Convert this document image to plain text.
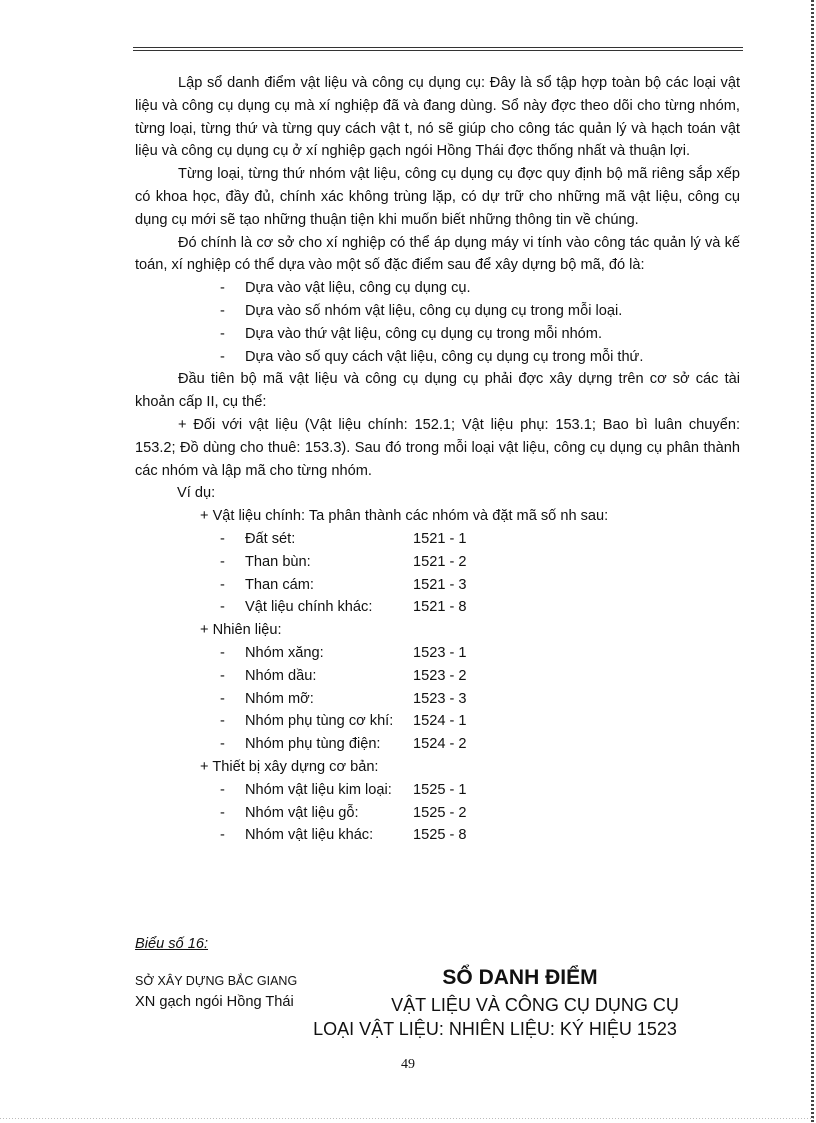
Lập sổ danh điểm vật liệu và công cụ dụng cụ: Đây là sổ tập hợp toàn bộ các loại vật liệu và công cụ dụng cụ mà xí nghiệp đã và đang dùng. Sổ này đợc theo dõi cho từng nhóm, từng loại, từng thứ và từng quy cách vật t, nó sẽ giúp cho công tác quản lý và hạch toán vật liệu và công cụ dụng cụ ở xí nghiệp gạch ngói Hồng Thái đợc thống nhất và thuận lợi.

Từng loại, từng thứ nhóm vật liệu, công cụ dụng cụ đợc quy định bộ mã riêng sắp xếp có khoa học, đầy đủ, chính xác không trùng lặp, có dự trữ cho những mã vật liệu, công cụ dụng cụ mới sẽ tạo những thuận tiện khi muốn biết những thông tin về chúng.

Đó chính là cơ sở cho xí nghiệp có thể áp dụng máy vi tính vào công tác quản lý và kế toán, xí nghiệp có thể dựa vào một số đặc điểm sau để xây dựng bộ mã, đó là:

-	Dựa vào vật liệu, công cụ dụng cụ.
-	Dựa vào số nhóm vật liệu, công cụ dụng cụ trong mỗi loại.
-	Dựa vào thứ vật liệu, công cụ dụng cụ trong mỗi nhóm.
-	Dựa vào số quy cách vật liệu, công cụ dụng cụ trong mỗi thứ.

Đầu tiên bộ mã vật liệu và công cụ dụng cụ phải đợc xây dựng trên cơ sở các tài khoản cấp II, cụ thể:

+ Đối với vật liệu (Vật liệu chính: 152.1; Vật liệu phụ: 153.1; Bao bì luân chuyển: 153.2; Đồ dùng cho thuê: 153.3). Sau đó trong mỗi loại vật liệu, công cụ dụng cụ phân thành các nhóm và lập mã cho từng nhóm.

Ví dụ:
+ Vật liệu chính: Ta phân thành các nhóm và đặt mã số nh sau:
-	Đất sét:	1521 - 1
-	Than bùn:	1521 - 2
-	Than cám:	1521 - 3
-	Vật liệu chính khác:	1521 - 8
+ Nhiên liệu:
-	Nhóm xăng:	1523 - 1
-	Nhóm dầu:	1523 - 2
-	Nhóm mỡ:	1523 - 3
-	Nhóm phụ tùng cơ khí:	1524 - 1
-	Nhóm phụ tùng điện:	1524 - 2
+ Thiết bị xây dựng cơ bản:
-	Nhóm vật liệu kim loại:	1525 - 1
-	Nhóm vật liệu gỗ:	1525 - 2
-	Nhóm vật liệu khác:	1525 - 8
Biểu số 16:
SỞ XÂY DỰNG BẮC GIANG
XN gạch ngói Hồng Thái
SỔ DANH ĐIỂM
VẬT LIỆU VÀ CÔNG CỤ DỤNG CỤ
LOẠI VẬT LIỆU: NHIÊN LIỆU: KÝ HIỆU 1523
49
